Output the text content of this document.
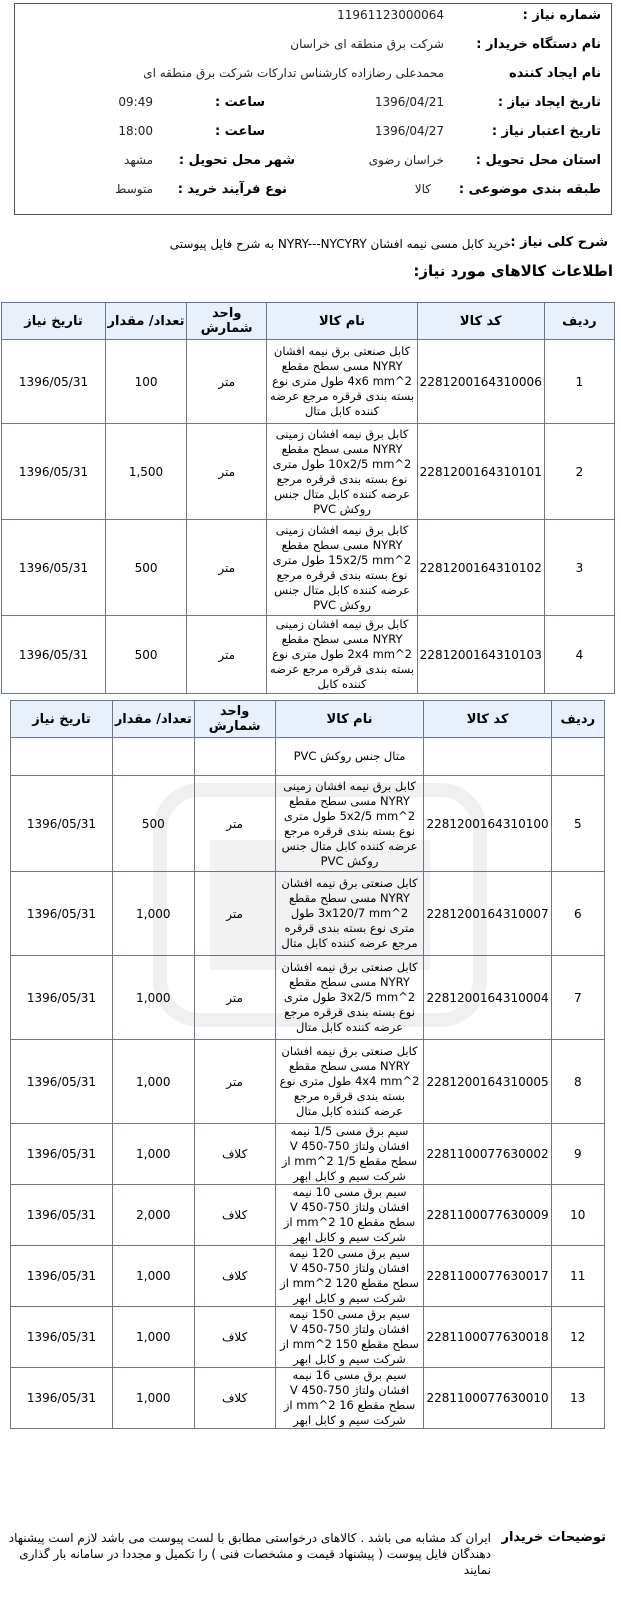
شماره نیاز :
11961123000064
نام دستگاه خریدار :
شرکت برق منطقه ای خراسان
نام ایجاد کننده
محمدعلی رضازاده کارشناس تدارکات شرکت برق منطقه ای
تاریخ ایجاد نیاز :
1396/04/21
ساعت :
09:49
تاریخ اعتبار نیاز :
1396/04/27
ساعت :
18:00
استان محل تحویل :
خراسان رضوی
شهر محل تحویل :
مشهد
طبقه بندی موضوعی :
کالا
نوع فرآیند خرید :
متوسط
شرح کلی نیاز :
خرید کابل مسی نیمه افشان NYRY---NYCYRY به شرح فایل پیوستی
اطلاعات کالاهای مورد نیاز:
ردیف	کد کالا	نام کالا	واحد شمارش	تعداد/ مقدار	تاریخ نیاز
1	2281200164310006	کابل صنعتی برق نیمه افشان NYRY مسی سطح مقطع 4x6 mm^2 طول متری نوع بسته بندی قرقره مرجع عرضه کننده کابل متال	متر	100	1396/05/31
2	2281200164310101	کابل برق نیمه افشان زمینی NYRY مسی سطح مقطع 10x2/5 mm^2 طول متری نوع بسته بندی قرقره مرجع عرضه کننده کابل متال جنس روکش PVC	متر	1,500	1396/05/31
3	2281200164310102	کابل برق نیمه افشان زمینی NYRY مسی سطح مقطع 15x2/5 mm^2 طول متری نوع بسته بندی قرقره مرجع عرضه کننده کابل متال جنس روکش PVC	متر	500	1396/05/31
4	2281200164310103	کابل برق نیمه افشان زمینی NYRY مسی سطح مقطع 2x4 mm^2 طول متری نوع بسته بندی قرقره مرجع عرضه کننده کابل	متر	500	1396/05/31
ردیف	کد کالا	نام کالا	واحد شمارش	تعداد/ مقدار	تاریخ نیاز
		متال جنس روکش PVC			
5	2281200164310100	کابل برق نیمه افشان زمینی NYRY مسی سطح مقطع 5x2/5 mm^2 طول متری نوع بسته بندی قرقره مرجع عرضه کننده کابل متال جنس روکش PVC	متر	500	1396/05/31
6	2281200164310007	کابل صنعتی برق نیمه افشان NYRY مسی سطح مقطع 3x120/7 mm^2 طول متری نوع بسته بندی قرقره مرجع عرضه کننده کابل متال	متر	1,000	1396/05/31
7	2281200164310004	کابل صنعتی برق نیمه افشان NYRY مسی سطح مقطع 3x2/5 mm^2 طول متری نوع بسته بندی قرقره مرجع عرضه کننده کابل متال	متر	1,000	1396/05/31
8	2281200164310005	کابل صنعتی برق نیمه افشان NYRY مسی سطح مقطع 4x4 mm^2 طول متری نوع بسته بندی قرقره مرجع عرضه کننده کابل متال	متر	1,000	1396/05/31
9	2281100077630002	سیم برق مسی 1/5 نیمه افشان ولتاژ 750-450 V سطح مقطع 1/5 mm^2 از شرکت سیم و کابل ابهر	کلاف	1,000	1396/05/31
10	2281100077630009	سیم برق مسی 10 نیمه افشان ولتاژ 750-450 V سطح مقطع 10 mm^2 از شرکت سیم و کابل ابهر	کلاف	2,000	1396/05/31
11	2281100077630017	سیم برق مسی 120 نیمه افشان ولتاژ 750-450 V سطح مقطع 120 mm^2 از شرکت سیم و کابل ابهر	کلاف	1,000	1396/05/31
12	2281100077630018	سیم برق مسی 150 نیمه افشان ولتاژ 750-450 V سطح مقطع 150 mm^2 از شرکت سیم و کابل ابهر	کلاف	1,000	1396/05/31
13	2281100077630010	سیم برق مسی 16 نیمه افشان ولتاژ 750-450 V سطح مقطع 16 mm^2 از شرکت سیم و کابل ابهر	کلاف	1,000	1396/05/31
توضیحات خریدار
ایران کد مشابه می باشد . کالاهای درخواستی مطابق با لست پیوست می باشد لازم است پیشنهاد دهندگان فایل پیوست ( پیشنهاد قیمت و مشخصات فنی ) را تکمیل و مجددا در سامانه بار گذاری نمایند
